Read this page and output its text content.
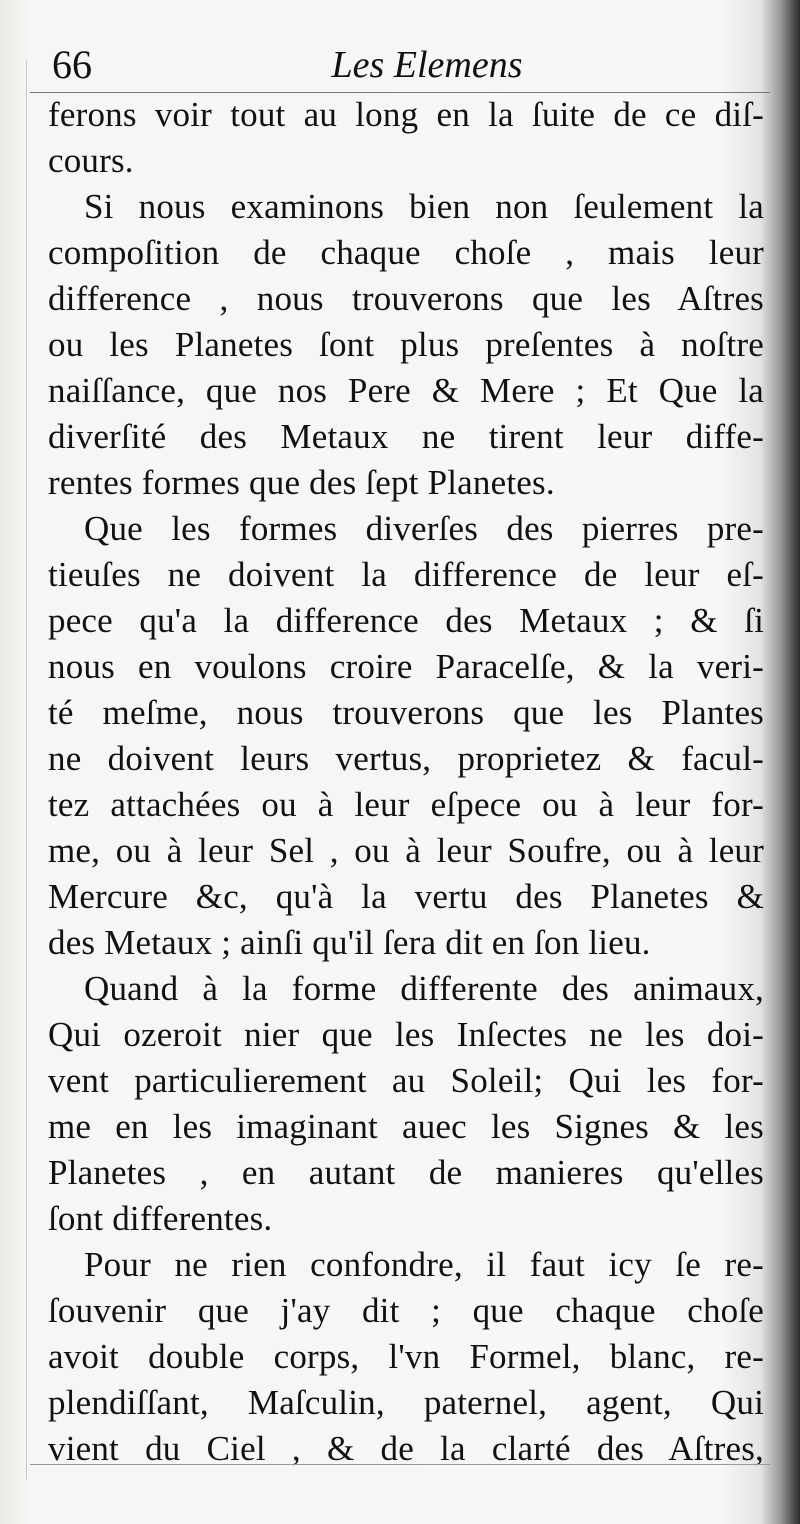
66	Les Elemens
ferons voir tout au long en la ſuite de ce diſ-
cours.
Si nous examinons bien non ſeulement la
compoſition de chaque choſe , mais leur
difference , nous trouverons que les Aſtres
ou les Planetes ſont plus preſentes à noſtre
naiſſance, que nos Pere & Mere ; Et Que la
diverſité des Metaux ne tirent leur diffe-
rentes formes que des ſept Planetes.
Que les formes diverſes des pierres pre-
tieuſes ne doivent la difference de leur eſ-
pece qu'a la difference des Metaux ; & ſi
nous en voulons croire Paracelſe, & la veri-
té meſme, nous trouverons que les Plantes
ne doivent leurs vertus, proprietez & facul-
tez attachées ou à leur eſpece ou à leur for-
me, ou à leur Sel , ou à leur Soufre, ou à leur
Mercure &c, qu'à la vertu des Planetes &
des Metaux ; ainſi qu'il ſera dit en ſon lieu.
Quand à la forme differente des animaux,
Qui ozeroit nier que les Inſectes ne les doi-
vent particulierement au Soleil; Qui les for-
me en les imaginant auec les Signes & les
Planetes , en autant de manieres qu'elles
ſont differentes.
Pour ne rien confondre, il faut icy ſe re-
ſouvenir que j'ay dit ; que chaque choſe
avoit double corps, l'vn Formel, blanc, re-
plendiſſant, Maſculin, paternel, agent, Qui
vient du Ciel , & de la clarté des Aſtres,
